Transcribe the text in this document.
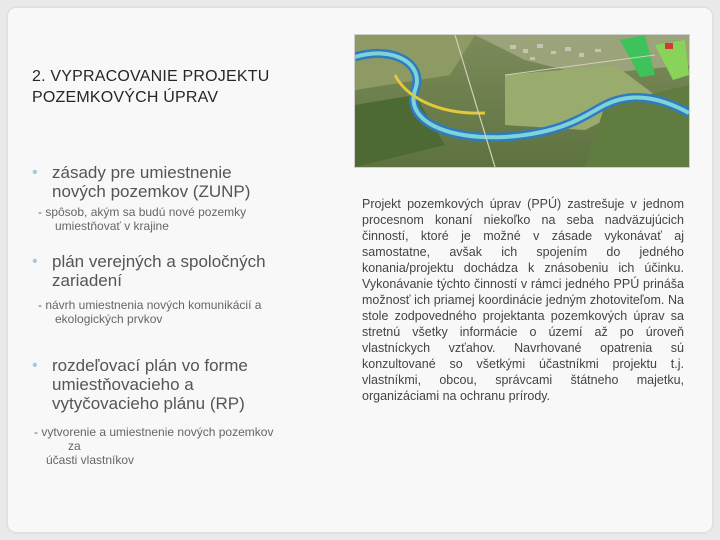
2. VYPRACOVANIE PROJEKTU
POZEMKOVÝCH ÚPRAV
• zásady pre umiestnenie
nových pozemkov (ZUNP)
- spôsob, akým sa budú nové pozemky
umiestňovať v krajine
• plán verejných a spoločných
zariadení
- návrh umiestnenia nových komunikácií a
ekologických prvkov
• rozdeľovací plán vo forme
umiestňovacieho a
vytyčovacieho plánu (RP)
- vytvorenie a umiestnenie nových pozemkov
za
účasti vlastníkov

Projekt pozemkových úprav (PPÚ) zastrešuje v jednom procesnom konaní niekoľko na seba nadväzujúcich činností, ktoré je možné v zásade vykonávať aj samostatne, avšak ich spojením do jedného konania/projektu dochádza k znásobeniu ich účinku. Vykonávanie týchto činností v rámci jedného PPÚ prináša možnosť ich priamej koordinácie jedným zhotoviteľom. Na stole zodpovedného projektanta pozemkových úprav sa stretnú všetky informácie o území až po úroveň vlastníckych vzťahov. Navrhované opatrenia sú konzultované so všetkými účastníkmi projektu t.j. vlastníkmi, obcou, správcami štátneho majetku, organizáciami na ochranu prírody.
